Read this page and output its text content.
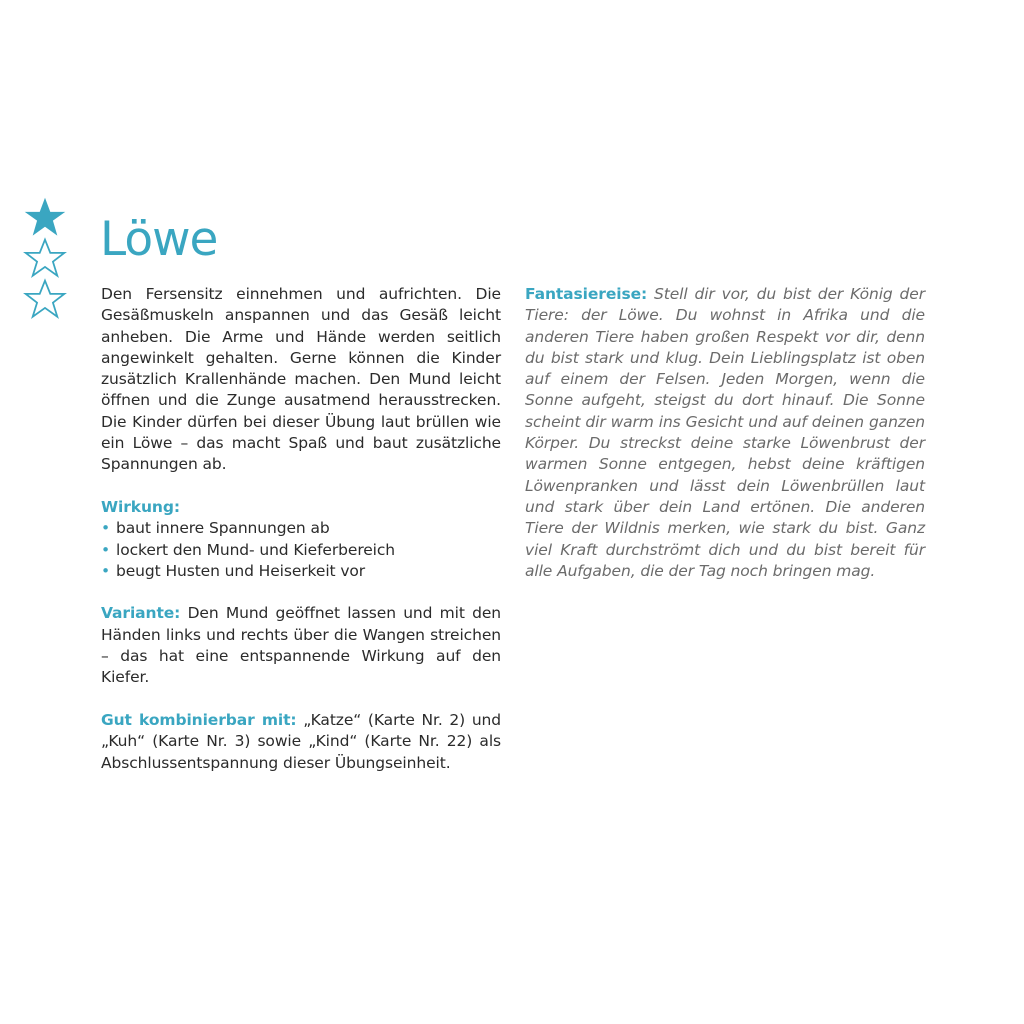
Löwe

Den Fersensitz einnehmen und aufrichten. Die Gesäßmuskeln anspannen und das Gesäß leicht anheben. Die Arme und Hände werden seitlich angewinkelt gehalten. Gerne können die Kinder zusätzlich Krallenhände machen. Den Mund leicht öffnen und die Zunge ausatmend herausstrecken. Die Kinder dürfen bei dieser Übung laut brüllen wie ein Löwe – das macht Spaß und baut zusätzliche Spannungen ab.

Wirkung:

• baut innere Spannungen ab
• lockert den Mund- und Kieferbereich
• beugt Husten und Heiserkeit vor

Variante: Den Mund geöffnet lassen und mit den Händen links und rechts über die Wangen streichen – das hat eine entspannende Wirkung auf den Kiefer.

Gut kombinierbar mit: „Katze“ (Karte Nr. 2) und „Kuh“ (Karte Nr. 3) sowie „Kind“ (Karte Nr. 22) als Abschlussentspannung dieser Übungseinheit.

Fantasiereise: Stell dir vor, du bist der König der Tiere: der Löwe. Du wohnst in Afrika und die anderen Tiere haben großen Respekt vor dir, denn du bist stark und klug. Dein Lieblingsplatz ist oben auf einem der Felsen. Jeden Morgen, wenn die Sonne aufgeht, steigst du dort hinauf. Die Sonne scheint dir warm ins Gesicht und auf deinen ganzen Körper. Du streckst deine starke Löwenbrust der warmen Sonne entgegen, hebst deine kräftigen Löwenpranken und lässt dein Löwenbrüllen laut und stark über dein Land ertönen. Die anderen Tiere der Wildnis merken, wie stark du bist. Ganz viel Kraft durchströmt dich und du bist bereit für alle Aufgaben, die der Tag noch bringen mag.
